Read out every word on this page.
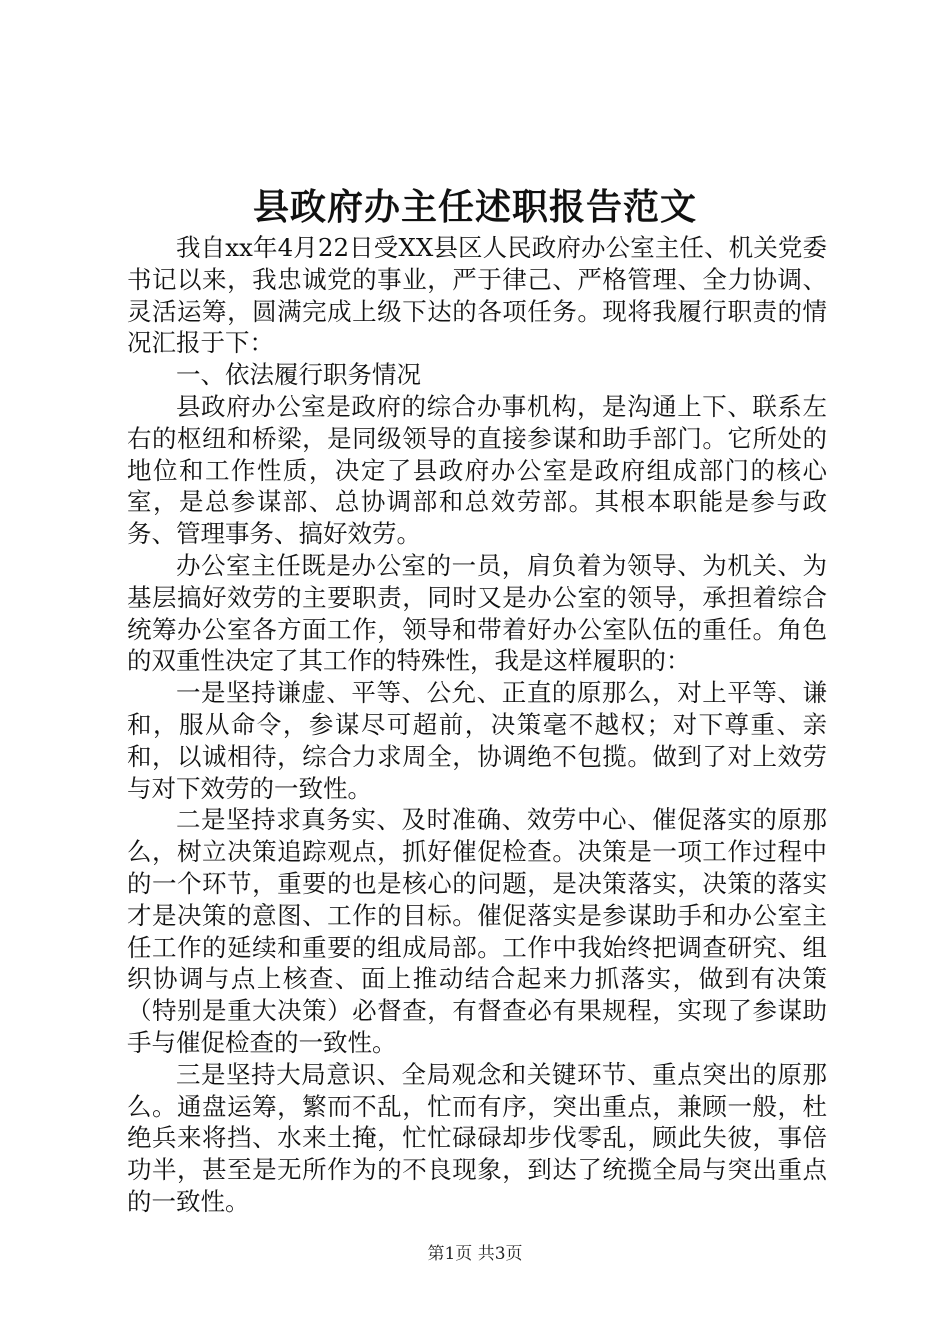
县政府办主任述职报告范文

我自xx年4月22日受XX县区人民政府办公室主任、机关党委书记以来，我忠诚党的事业，严于律己、严格管理、全力协调、灵活运筹，圆满完成上级下达的各项任务。现将我履行职责的情况汇报于下：

一、依法履行职务情况

县政府办公室是政府的综合办事机构，是沟通上下、联系左右的枢纽和桥梁，是同级领导的直接参谋和助手部门。它所处的地位和工作性质，决定了县政府办公室是政府组成部门的核心室，是总参谋部、总协调部和总效劳部。其根本职能是参与政务、管理事务、搞好效劳。

办公室主任既是办公室的一员，肩负着为领导、为机关、为基层搞好效劳的主要职责，同时又是办公室的领导，承担着综合统筹办公室各方面工作，领导和带着好办公室队伍的重任。角色的双重性决定了其工作的特殊性，我是这样履职的：

一是坚持谦虚、平等、公允、正直的原那么，对上平等、谦和，服从命令，参谋尽可超前，决策毫不越权；对下尊重、亲和，以诚相待，综合力求周全，协调绝不包揽。做到了对上效劳与对下效劳的一致性。

二是坚持求真务实、及时准确、效劳中心、催促落实的原那么，树立决策追踪观点，抓好催促检查。决策是一项工作过程中的一个环节，重要的也是核心的问题，是决策落实，决策的落实才是决策的意图、工作的目标。催促落实是参谋助手和办公室主任工作的延续和重要的组成局部。工作中我始终把调查研究、组织协调与点上核查、面上推动结合起来力抓落实，做到有决策（特别是重大决策）必督查，有督查必有果规程，实现了参谋助手与催促检查的一致性。

三是坚持大局意识、全局观念和关键环节、重点突出的原那么。通盘运筹，繁而不乱，忙而有序，突出重点，兼顾一般，杜绝兵来将挡、水来土掩，忙忙碌碌却步伐零乱，顾此失彼，事倍功半，甚至是无所作为的不良现象，到达了统揽全局与突出重点的一致性。

第1页 共3页
